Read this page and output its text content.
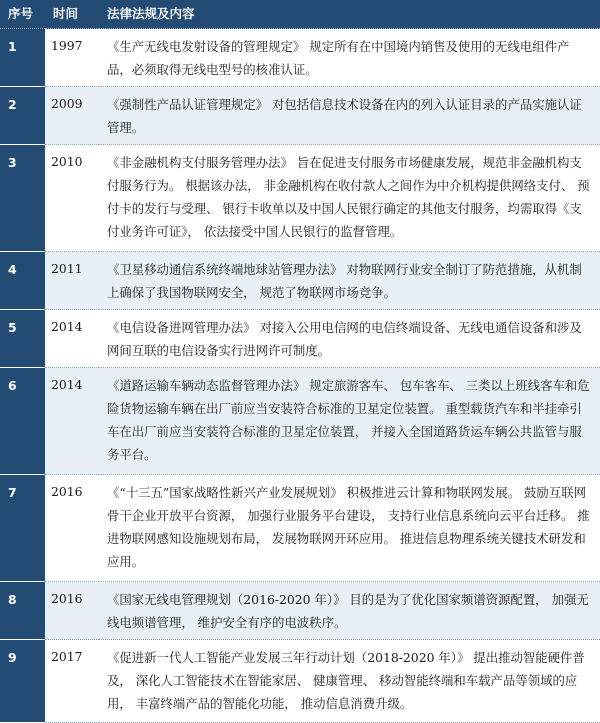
序号	时间	法律法规及内容
1	1997	《生产无线电发射设备的管理规定》 规定所有在中国境内销售及使用的无线电组件产品，必须取得无线电型号的核准认证。
2	2009	《强制性产品认证管理规定》 对包括信息技术设备在内的列入认证目录的产品实施认证管理。
3	2010	《非金融机构支付服务管理办法》 旨在促进支付服务市场健康发展，规范非金融机构支付服务行为。 根据该办法， 非金融机构在收付款人之间作为中介机构提供网络支付、 预付卡的发行与受理、 银行卡收单以及中国人民银行确定的其他支付服务，均需取得《支付业务许可证》， 依法接受中国人民银行的监督管理。
4	2011	《卫星移动通信系统终端地球站管理办法》 对物联网行业安全制订了防范措施，从机制上确保了我国物联网安全， 规范了物联网市场竞争。
5	2014	《电信设备进网管理办法》 对接入公用电信网的电信终端设备、无线电通信设备和涉及网间互联的电信设备实行进网许可制度。
6	2014	《道路运输车辆动态监督管理办法》 规定旅游客车、 包车客车、 三类以上班线客车和危险货物运输车辆在出厂前应当安装符合标准的卫星定位装置。 重型载货汽车和半挂牵引车在出厂前应当安装符合标准的卫星定位装置， 并接入全国道路货运车辆公共监管与服务平台。
7	2016	《“十三五”国家战略性新兴产业发展规划》 积极推进云计算和物联网发展。 鼓励互联网骨干企业开放平台资源， 加强行业服务平台建设， 支持行业信息系统向云平台迁移。 推进物联网感知设施规划布局， 发展物联网开环应用。 推进信息物理系统关键技术研发和应用。
8	2016	《国家无线电管理规划（2016-2020 年）》 目的是为了优化国家频谱资源配置， 加强无线电频谱管理， 维护安全有序的电波秩序。
9	2017	《促进新一代人工智能产业发展三年行动计划（2018-2020 年）》 提出推动智能硬件普及， 深化人工智能技术在智能家居、 健康管理、 移动智能终端和车载产品等领域的应用， 丰富终端产品的智能化功能， 推动信息消费升级。
